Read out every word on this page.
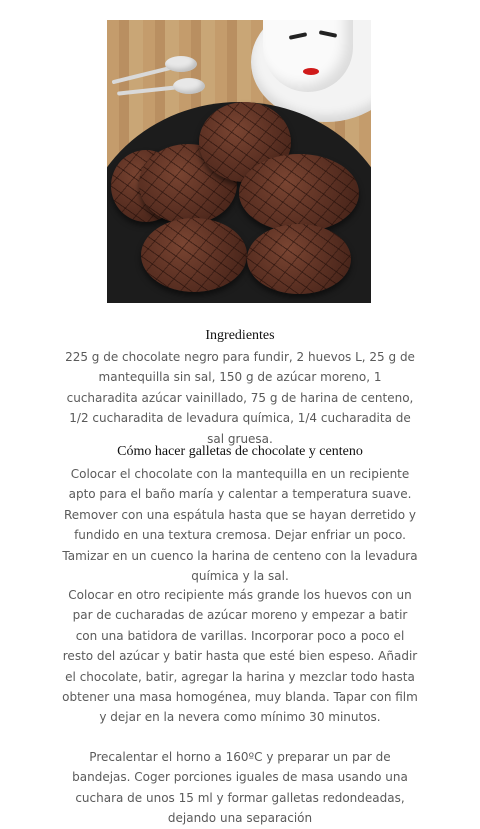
Ingredientes
225 g de chocolate negro para fundir, 2 huevos L, 25 g de mantequilla sin sal, 150 g de azúcar moreno, 1 cucharadita azúcar vainillado, 75 g de harina de centeno, 1/2 cucharadita de levadura química, 1/4 cucharadita de sal gruesa.
Cómo hacer galletas de chocolate y centeno
Colocar el chocolate con la mantequilla en un recipiente apto para el baño maría y calentar a temperatura suave. Remover con una espátula hasta que se hayan derretido y fundido en una textura cremosa. Dejar enfriar un poco. Tamizar en un cuenco la harina de centeno con la levadura química y la sal.
Colocar en otro recipiente más grande los huevos con un par de cucharadas de azúcar moreno y empezar a batir con una batidora de varillas. Incorporar poco a poco el resto del azúcar y batir hasta que esté bien espeso. Añadir el chocolate, batir, agregar la harina y mezclar todo hasta obtener una masa homogénea, muy blanda. Tapar con film y dejar en la nevera como mínimo 30 minutos.
Precalentar el horno a 160ºC y preparar un par de bandejas. Coger porciones iguales de masa usando una cuchara de unos 15 ml y formar galletas redondeadas, dejando una separación
